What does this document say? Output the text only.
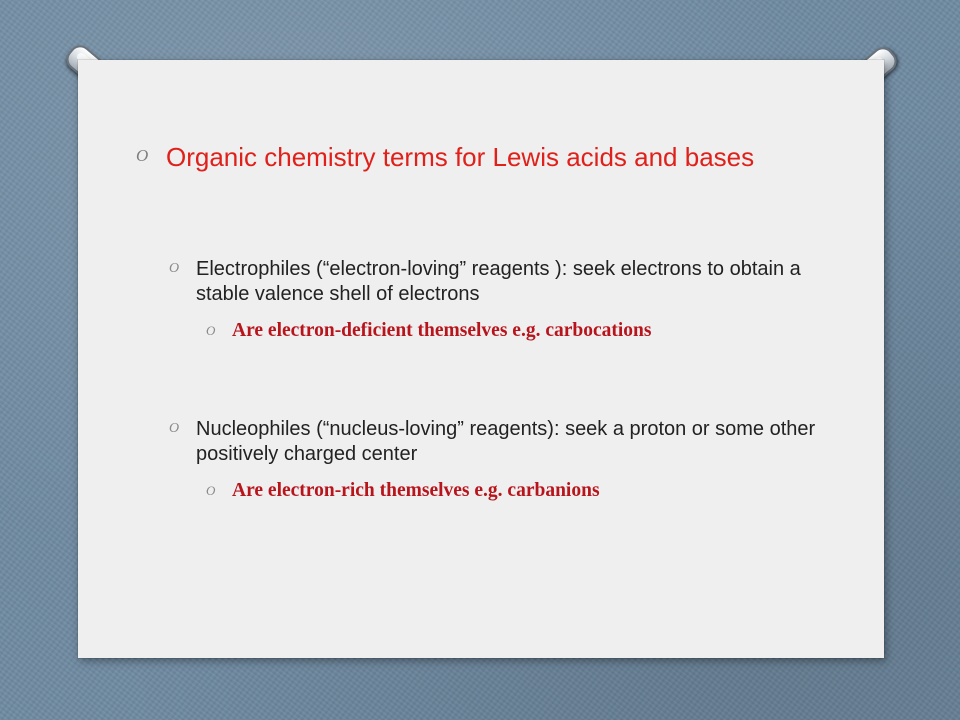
O Organic chemistry terms for Lewis acids and bases
O Electrophiles (“electron-loving” reagents ): seek electrons to obtain a stable valence shell of electrons
O Are electron-deficient themselves e.g. carbocations
O Nucleophiles (“nucleus-loving” reagents): seek a proton or some other positively charged center
O Are electron-rich themselves e.g. carbanions
